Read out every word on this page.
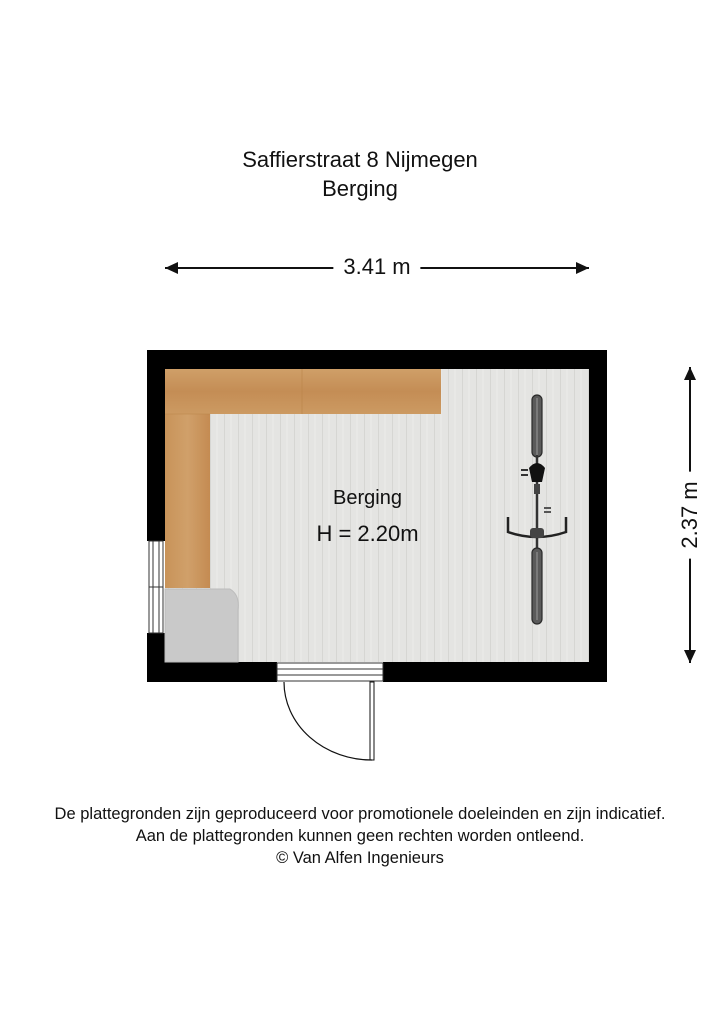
Saffierstraat 8 Nijmegen
Berging
3.41 m
2.37 m
Berging
H = 2.20m
De plattegronden zijn geproduceerd voor promotionele doeleinden en zijn indicatief.
Aan de plattegronden kunnen geen rechten worden ontleend.
© Van Alfen Ingenieurs
